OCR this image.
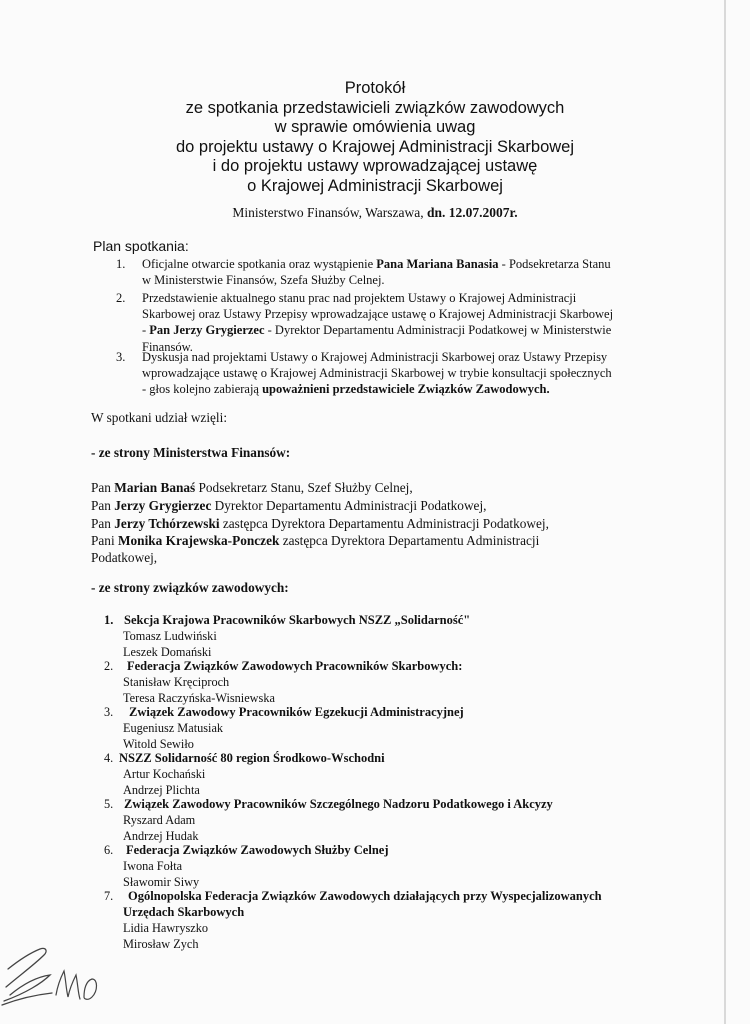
Protokół
ze spotkania przedstawicieli związków zawodowych
w sprawie omówienia uwag
do projektu ustawy o Krajowej Administracji Skarbowej
i do projektu ustawy wprowadzającej ustawę
o Krajowej Administracji Skarbowej
Ministerstwo Finansów, Warszawa, dn. 12.07.2007r.
Plan spotkania:
1. Oficjalne otwarcie spotkania oraz wystąpienie Pana Mariana Banasia - Podsekretarza Stanu
w Ministerstwie Finansów, Szefa Służby Celnej.
2. Przedstawienie aktualnego stanu prac nad projektem Ustawy o Krajowej Administracji
Skarbowej oraz Ustawy Przepisy wprowadzające ustawę o Krajowej Administracji Skarbowej
- Pan Jerzy Grygierzec - Dyrektor Departamentu Administracji Podatkowej w Ministerstwie
Finansów.
3. Dyskusja nad projektami Ustawy o Krajowej Administracji Skarbowej oraz Ustawy Przepisy
wprowadzające ustawę o Krajowej Administracji Skarbowej w trybie konsultacji społecznych
- głos kolejno zabierają upoważnieni przedstawiciele Związków Zawodowych.
W spotkani udział wzięli:
- ze strony Ministerstwa Finansów:
Pan Marian Banaś Podsekretarz Stanu, Szef Służby Celnej,
Pan Jerzy Grygierzec Dyrektor Departamentu Administracji Podatkowej,
Pan Jerzy Tchórzewski zastępca Dyrektora Departamentu Administracji Podatkowej,
Pani Monika Krajewska-Ponczek zastępca Dyrektora Departamentu Administracji
Podatkowej,
- ze strony związków zawodowych:
1. Sekcja Krajowa Pracowników Skarbowych NSZZ „Solidarność"
Tomasz Ludwiński
Leszek Domański
2. Federacja Związków Zawodowych Pracowników Skarbowych:
Stanisław Kręciproch
Teresa Raczyńska-Wisniewska
3. Związek Zawodowy Pracowników Egzekucji Administracyjnej
Eugeniusz Matusiak
Witold Sewiło
4. NSZZ Solidarność 80 region Środkowo-Wschodni
Artur Kochański
Andrzej Plichta
5. Związek Zawodowy Pracowników Szczególnego Nadzoru Podatkowego i Akcyzy
Ryszard Adam
Andrzej Hudak
6. Federacja Związków Zawodowych Służby Celnej
Iwona Fołta
Sławomir Siwy
7. Ogólnopolska Federacja Związków Zawodowych działających przy Wyspecjalizowanych
Urzędach Skarbowych
Lidia Hawryszko
Mirosław Zych
